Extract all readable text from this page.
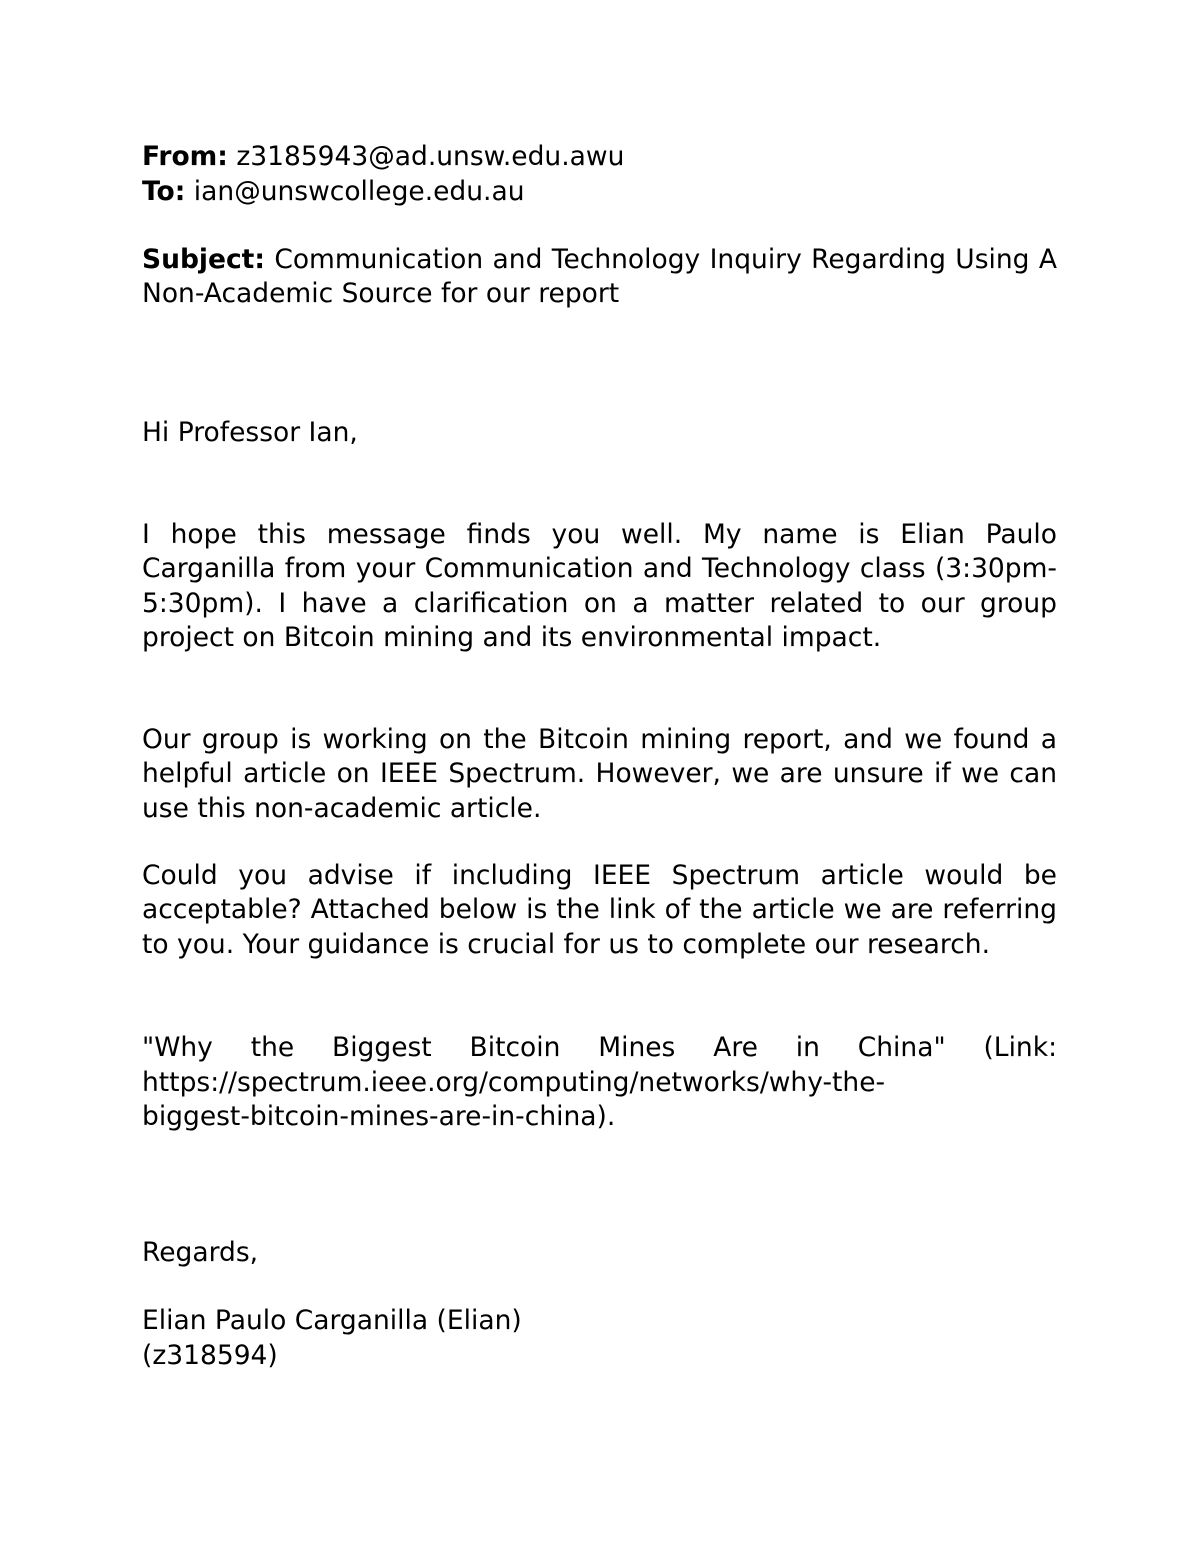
From: z3185943@ad.unsw.edu.awu
To: ian@unswcollege.edu.au
Subject: Communication and Technology Inquiry Regarding Using A Non-Academic Source for our report
Hi Professor Ian,
I hope this message finds you well. My name is Elian Paulo Carganilla from your Communication and Technology class (3:30pm-5:30pm). I have a clarification on a matter related to our group project on Bitcoin mining and its environmental impact.
Our group is working on the Bitcoin mining report, and we found a helpful article on IEEE Spectrum. However, we are unsure if we can use this non-academic article.
Could you advise if including IEEE Spectrum article would be acceptable? Attached below is the link of the article we are referring to you. Your guidance is crucial for us to complete our research.
"Why the Biggest Bitcoin Mines Are in China" (Link:
https://spectrum.ieee.org/computing/networks/why-the-
biggest-bitcoin-mines-are-in-china).
Regards,
Elian Paulo Carganilla (Elian)
(z318594)
